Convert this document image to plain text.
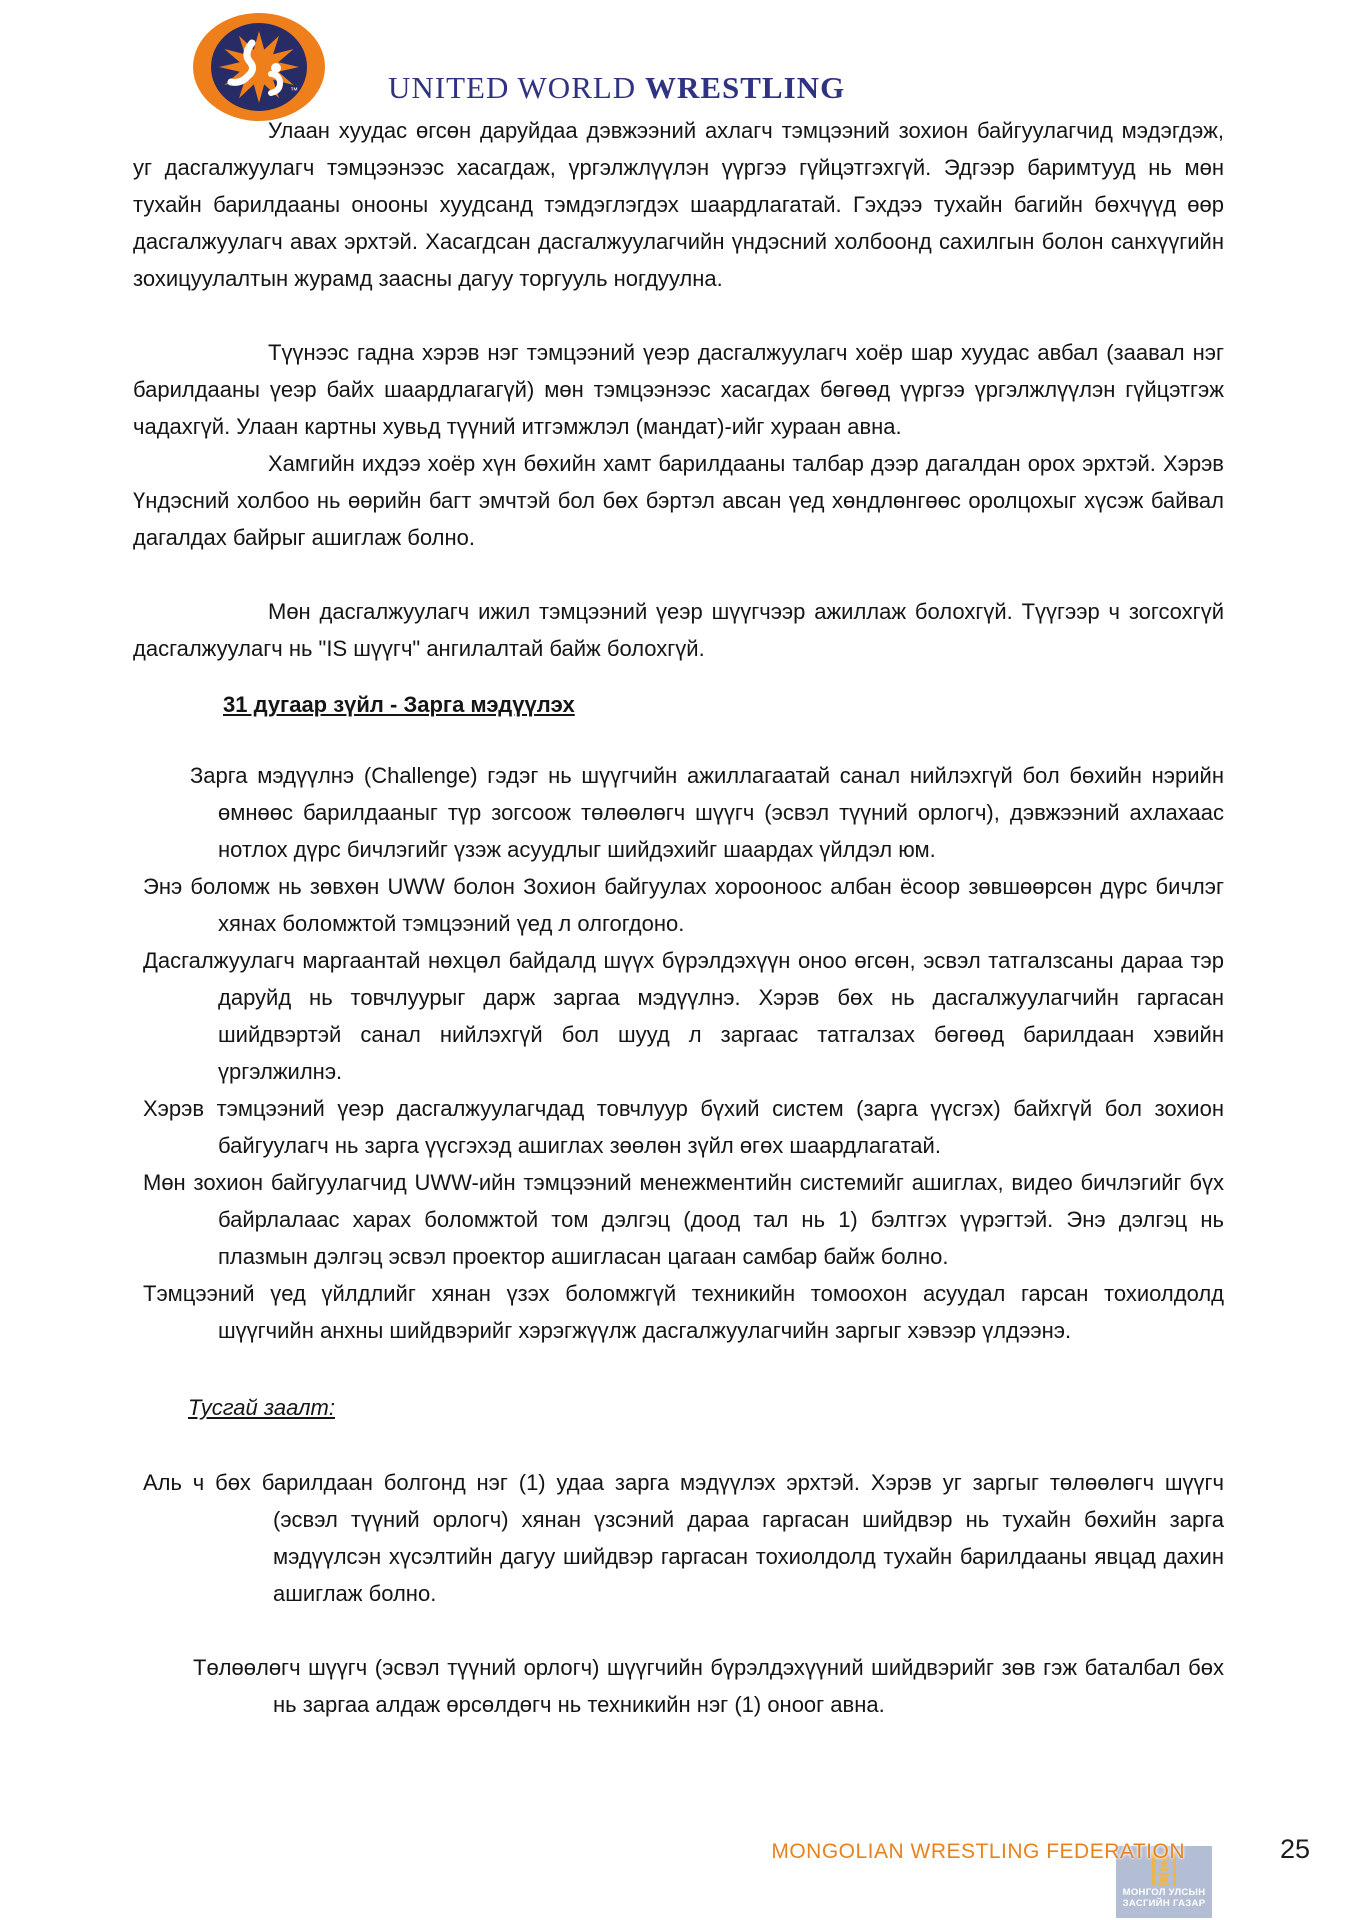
™	UNITED WORLD WRESTLING

Улаан хуудас өгсөн даруйдаа дэвжээний ахлагч тэмцээний зохион байгуулагчид мэдэгдэж, уг дасгалжуулагч тэмцээнээс хасагдаж, үргэлжлүүлэн үүргээ гүйцэтгэхгүй. Эдгээр баримтууд нь мөн тухайн барилдааны онооны хуудсанд тэмдэглэгдэх шаардлагатай. Гэхдээ тухайн багийн бөхчүүд өөр дасгалжуулагч авах эрхтэй. Хасагдсан дасгалжуулагчийн үндэсний холбоонд сахилгын болон санхүүгийн зохицуулалтын журамд заасны дагуу торгууль ногдуулна.

Түүнээс гадна хэрэв нэг тэмцээний үеэр дасгалжуулагч хоёр шар хуудас авбал (заавал нэг барилдааны үеэр байх шаардлагагүй) мөн тэмцээнээс хасагдах бөгөөд үүргээ үргэлжлүүлэн гүйцэтгэж чадахгүй. Улаан картны хувьд түүний итгэмжлэл (мандат)-ийг хураан авна.

Хамгийн ихдээ хоёр хүн бөхийн хамт барилдааны талбар дээр дагалдан орох эрхтэй. Хэрэв Үндэсний холбоо нь өөрийн багт эмчтэй бол бөх бэртэл авсан үед хөндлөнгөөс оролцохыг хүсэж байвал дагалдах байрыг ашиглаж болно.

Мөн дасгалжуулагч ижил тэмцээний үеэр шүүгчээр ажиллаж болохгүй. Түүгээр ч зогсохгүй дасгалжуулагч нь "IS шүүгч" ангилалтай байж болохгүй.

31 дугаар зүйл - Зарга мэдүүлэх

Зарга мэдүүлнэ (Challenge) гэдэг нь шүүгчийн ажиллагаатай санал нийлэхгүй бол бөхийн нэрийн өмнөөс барилдааныг түр зогсоож төлөөлөгч шүүгч (эсвэл түүний орлогч), дэвжээний ахлахаас нотлох дүрс бичлэгийг үзэж асуудлыг шийдэхийг шаардах үйлдэл юм.

Энэ боломж нь зөвхөн UWW болон Зохион байгуулах хорооноос албан ёсоор зөвшөөрсөн дүрс бичлэг хянах боломжтой тэмцээний үед л олгогдоно.

Дасгалжуулагч маргаантай нөхцөл байдалд шүүх бүрэлдэхүүн оноо өгсөн, эсвэл татгалзсаны дараа тэр даруйд нь товчлуурыг дарж заргаа мэдүүлнэ. Хэрэв бөх нь дасгалжуулагчийн гаргасан шийдвэртэй санал нийлэхгүй бол шууд л заргаас татгалзах бөгөөд барилдаан хэвийн үргэлжилнэ.

Хэрэв тэмцээний үеэр дасгалжуулагчдад товчлуур бүхий систем (зарга үүсгэх) байхгүй бол зохион байгуулагч нь зарга үүсгэхэд ашиглах зөөлөн зүйл өгөх шаардлагатай.

Мөн зохион байгуулагчид UWW-ийн тэмцээний менежментийн системийг ашиглах, видео бичлэгийг бүх байрлалаас харах боломжтой том дэлгэц (доод тал нь 1) бэлтгэх үүрэгтэй. Энэ дэлгэц нь плазмын дэлгэц эсвэл проектор ашигласан цагаан самбар байж болно.

Тэмцээний үед үйлдлийг хянан үзэх боломжгүй техникийн томоохон асуудал гарсан тохиолдолд шүүгчийн анхны шийдвэрийг хэрэгжүүлж дасгалжуулагчийн заргыг хэвээр үлдээнэ.

Тусгай заалт:

Аль ч бөх барилдаан болгонд нэг (1) удаа зарга мэдүүлэх эрхтэй. Хэрэв уг заргыг төлөөлөгч шүүгч (эсвэл түүний орлогч) хянан үзсэний дараа гаргасан шийдвэр нь тухайн бөхийн зарга мэдүүлсэн хүсэлтийн дагуу шийдвэр гаргасан тохиолдолд тухайн барилдааны явцад дахин ашиглаж болно.

Төлөөлөгч шүүгч (эсвэл түүний орлогч) шүүгчийн бүрэлдэхүүний шийдвэрийг зөв гэж баталбал бөх нь заргаа алдаж өрсөлдөгч нь техникийн нэг (1) оноог авна.

МОНГОЛ УЛСЫН
ЗАСГИЙН ГАЗАР
MONGOLIAN WRESTLING FEDERATION	25
